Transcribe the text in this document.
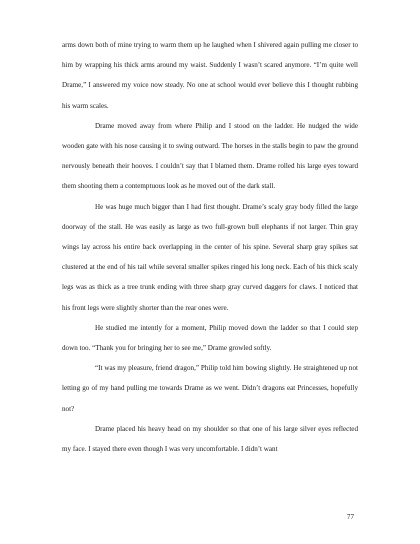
arms down both of mine trying to warm them up he laughed when I shivered again pulling me closer to him by wrapping his thick arms around my waist. Suddenly I wasn’t scared anymore. “I’m quite well Drame,” I answered my voice now steady. No one at school would ever believe this I thought rubbing his warm scales.

Drame moved away from where Philip and I stood on the ladder. He nudged the wide wooden gate with his nose causing it to swing outward. The horses in the stalls begin to paw the ground nervously beneath their hooves. I couldn’t say that I blamed them. Drame rolled his large eyes toward them shooting them a contemptuous look as he moved out of the dark stall.

He was huge much bigger than I had first thought. Drame’s scaly gray body filled the large doorway of the stall. He was easily as large as two full-grown bull elephants if not larger. Thin gray wings lay across his entire back overlapping in the center of his spine. Several sharp gray spikes sat clustered at the end of his tail while several smaller spikes ringed his long neck. Each of his thick scaly legs was as thick as a tree trunk ending with three sharp gray curved daggers for claws. I noticed that his front legs were slightly shorter than the rear ones were.

He studied me intently for a moment, Philip moved down the ladder so that I could step down too. “Thank you for bringing her to see me,” Drame growled softly.

“It was my pleasure, friend dragon,” Philip told him bowing slightly. He straightened up not letting go of my hand pulling me towards Drame as we went. Didn’t dragons eat Princesses, hopefully not?

Drame placed his heavy head on my shoulder so that one of his large silver eyes reflected my face. I stayed there even though I was very uncomfortable. I didn’t want

77
